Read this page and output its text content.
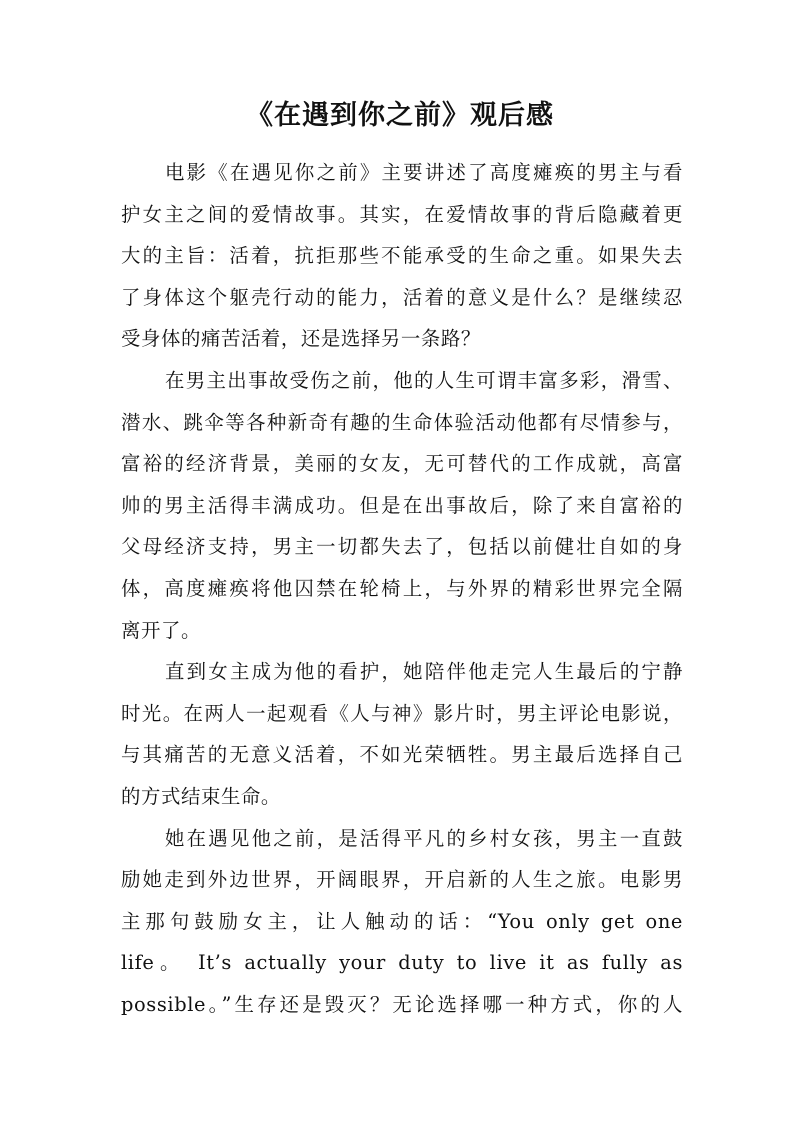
《在遇到你之前》观后感
电影《在遇见你之前》主要讲述了高度瘫痪的男主与看
护女主之间的爱情故事。其实，在爱情故事的背后隐藏着更
大的主旨：活着，抗拒那些不能承受的生命之重。如果失去
了身体这个躯壳行动的能力，活着的意义是什么？是继续忍
受身体的痛苦活着，还是选择另一条路？
在男主出事故受伤之前，他的人生可谓丰富多彩，滑雪、
潜水、跳伞等各种新奇有趣的生命体验活动他都有尽情参与，
富裕的经济背景，美丽的女友，无可替代的工作成就，高富
帅的男主活得丰满成功。但是在出事故后，除了来自富裕的
父母经济支持，男主一切都失去了，包括以前健壮自如的身
体，高度瘫痪将他囚禁在轮椅上，与外界的精彩世界完全隔
离开了。
直到女主成为他的看护，她陪伴他走完人生最后的宁静
时光。在两人一起观看《人与神》影片时，男主评论电影说，
与其痛苦的无意义活着，不如光荣牺牲。男主最后选择自己
的方式结束生命。
她在遇见他之前，是活得平凡的乡村女孩，男主一直鼓
励她走到外边世界，开阔眼界，开启新的人生之旅。电影男
主那句鼓励女主，让人触动的话：“You only get one
life。 It’s actually your duty to live it as fully as
possible。”生存还是毁灭？无论选择哪一种方式，你的人
